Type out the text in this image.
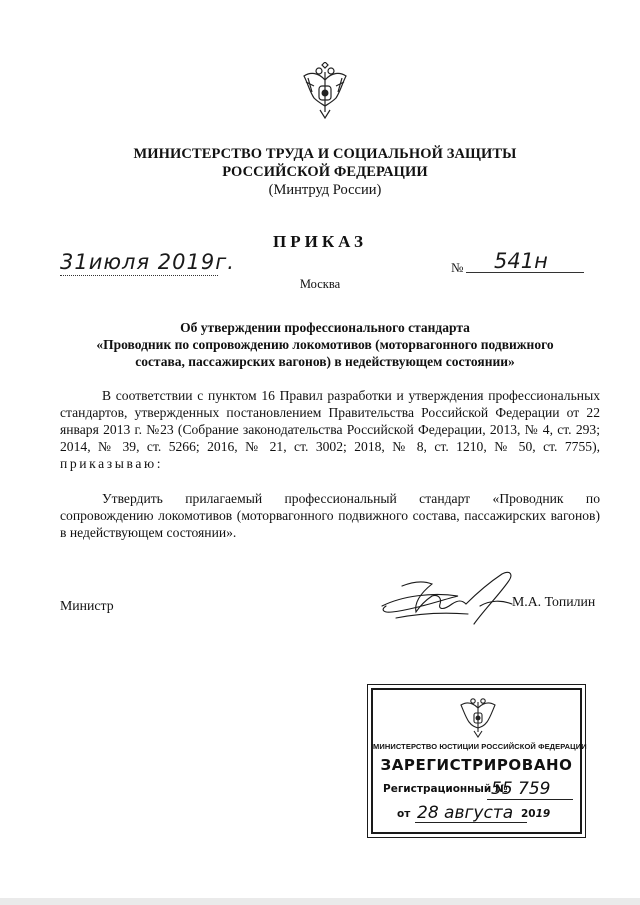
МИНИСТЕРСТВО ТРУДА И СОЦИАЛЬНОЙ ЗАЩИТЫ
РОССИЙСКОЙ ФЕДЕРАЦИИ
(Минтруд России)
ПРИКАЗ
31июля 2019г.	№ 541н
Москва
Об утверждении профессионального стандарта
«Проводник по сопровождению локомотивов (моторвагонного подвижного
состава, пассажирских вагонов) в недействующем состоянии»
В соответствии с пунктом 16 Правил разработки и утверждения профессиональных стандартов, утвержденных постановлением Правительства Российской Федерации от 22 января 2013 г. №23 (Собрание законодательства Российской Федерации, 2013, № 4, ст. 293; 2014, № 39, ст. 5266; 2016, № 21, ст. 3002; 2018, № 8, ст. 1210, № 50, ст. 7755), приказываю:
Утвердить прилагаемый профессиональный стандарт «Проводник по сопровождению локомотивов (моторвагонного подвижного состава, пассажирских вагонов) в недействующем состоянии».
Министр	М.А. Топилин
МИНИСТЕРСТВО ЮСТИЦИИ РОССИЙСКОЙ ФЕДЕРАЦИИ
ЗАРЕГИСТРИРОВАНО
Регистрационный №
55 759
от 28 августа 2019
